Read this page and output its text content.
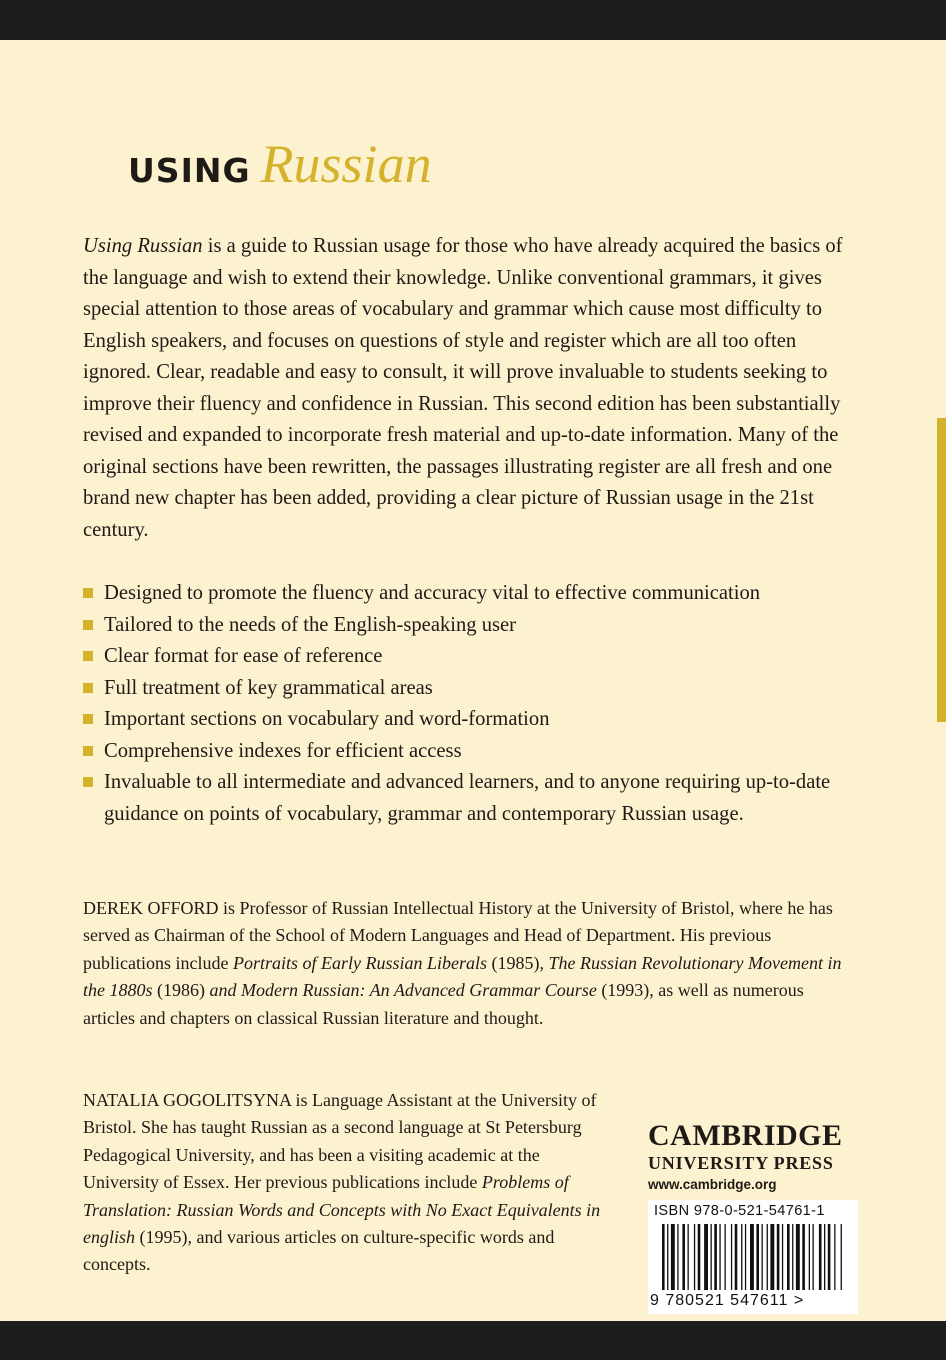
USING Russian

Using Russian is a guide to Russian usage for those who have already acquired the basics of the language and wish to extend their knowledge. Unlike conventional grammars, it gives special attention to those areas of vocabulary and grammar which cause most difficulty to English speakers, and focuses on questions of style and register which are all too often ignored. Clear, readable and easy to consult, it will prove invaluable to students seeking to improve their fluency and confidence in Russian. This second edition has been substantially revised and expanded to incorporate fresh material and up-to-date information. Many of the original sections have been rewritten, the passages illustrating register are all fresh and one brand new chapter has been added, providing a clear picture of Russian usage in the 21st century.

Designed to promote the fluency and accuracy vital to effective communication
Tailored to the needs of the English-speaking user
Clear format for ease of reference
Full treatment of key grammatical areas
Important sections on vocabulary and word-formation
Comprehensive indexes for efficient access
Invaluable to all intermediate and advanced learners, and to anyone requiring up-to-date guidance on points of vocabulary, grammar and contemporary Russian usage.

DEREK OFFORD is Professor of Russian Intellectual History at the University of Bristol, where he has served as Chairman of the School of Modern Languages and Head of Department. His previous publications include Portraits of Early Russian Liberals (1985), The Russian Revolutionary Movement in the 1880s (1986) and Modern Russian: An Advanced Grammar Course (1993), as well as numerous articles and chapters on classical Russian literature and thought.

NATALIA GOGOLITSYNA is Language Assistant at the University of Bristol. She has taught Russian as a second language at St Petersburg Pedagogical University, and has been a visiting academic at the University of Essex. Her previous publications include Problems of Translation: Russian Words and Concepts with No Exact Equivalents in english (1995), and various articles on culture-specific words and concepts.

CAMBRIDGE
UNIVERSITY PRESS
www.cambridge.org
ISBN 978-0-521-54761-1
9 780521 547611 >
